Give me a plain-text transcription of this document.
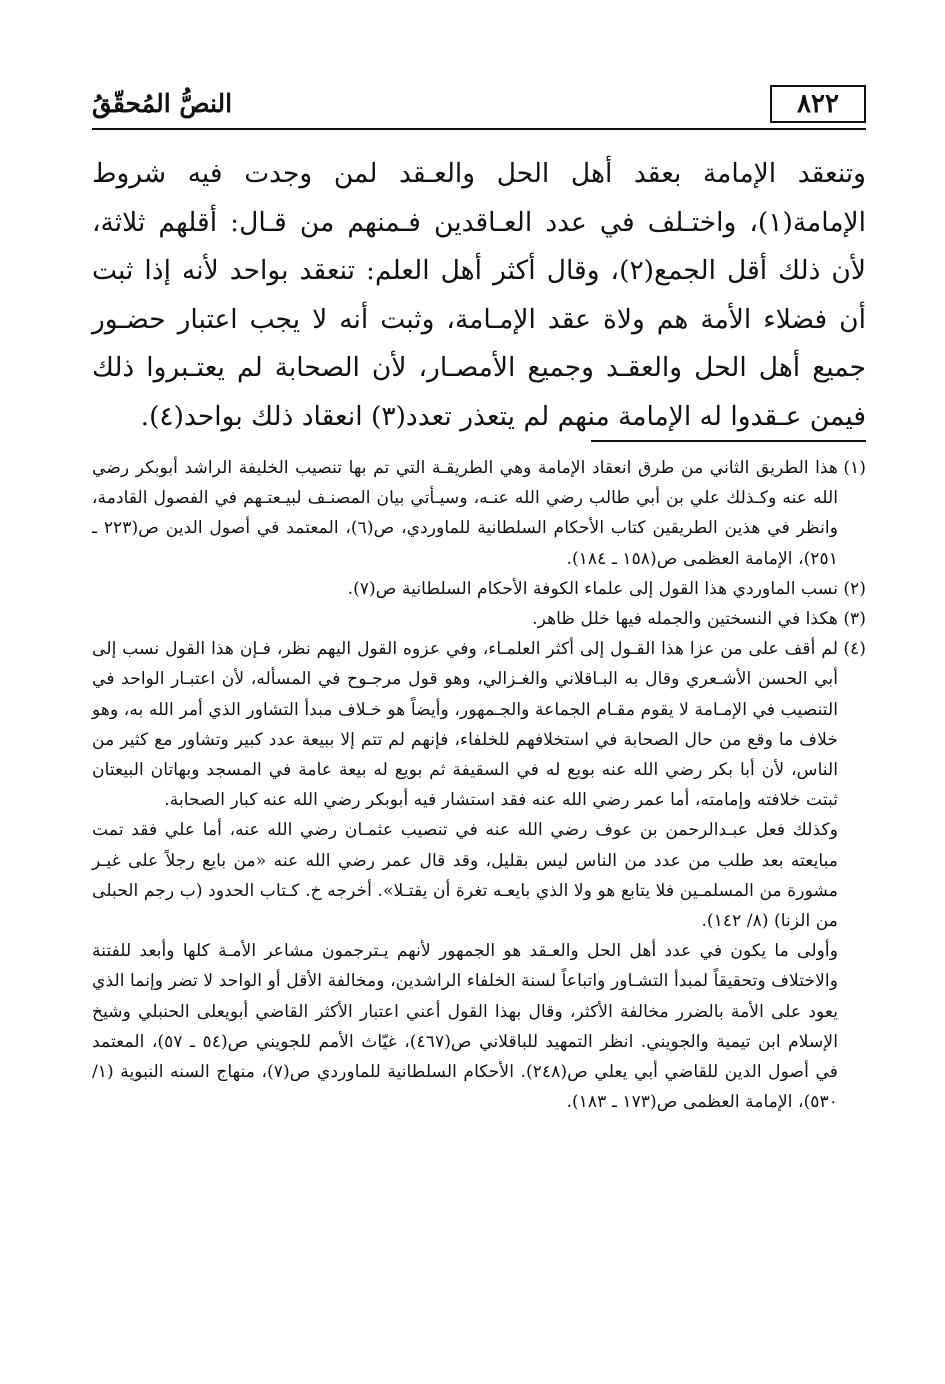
٨٢٢
النصُّ المُحقّقُ

وتنعقد الإمامة بعقد أهل الحل والعـقد لمن وجدت فيه شروط الإمامة(١)، واختـلف في عدد العـاقدين فـمنهم من قـال: أقلهم ثلاثة، لأن ذلك أقل الجمع(٢)، وقال أكثر أهل العلم: تنعقد بواحد لأنه إذا ثبت أن فضلاء الأمة هم ولاة عقد الإمـامة، وثبت أنه لا يجب اعتبار حضـور جميع أهل الحل والعقـد وجميع الأمصـار، لأن الصحابة لم يعتـبروا ذلك فيمن عـقدوا له الإمامة منهم لم يتعذر تعدد(٣) انعقاد ذلك بواحد(٤).

(١)

هذا الطريق الثاني من طرق انعقاد الإمامة وهي الطريقـة التي تم بها تنصيب الخليفة الراشد أبوبكر رضي الله عنه وكـذلك علي بن أبي طالب رضي الله عنـه، وسيـأتي بيان المصنـف لبيـعتـهم في الفصول القادمة، وانظر في هذين الطريقين كتاب الأحكام السلطانية للماوردي، ص(٦)، المعتمد في أصول الدين ص(٢٢٣ ـ ٢٥١)، الإمامة العظمى ص(١٥٨ ـ ١٨٤).

(٢)

نسب الماوردي هذا القول إلى علماء الكوفة الأحكام السلطانية ص(٧).

(٣)

هكذا في النسختين والجمله فيها خلل ظاهر.

(٤)

لم أقف على من عزا هذا القـول إلى أكثر العلمـاء، وفي عزوه القول اليهم نظر، فـإن هذا القول نسب إلى أبي الحسن الأشـعري وقال به البـاقلاني والغـزالي، وهو قول مرجـوح في المسأله، لأن اعتبـار الواحد في التنصيب في الإمـامة لا يقوم مقـام الجماعة والجـمهور، وأيضاً هو خـلاف مبدأ التشاور الذي أمر الله به، وهو خلاف ما وقع من حال الصحابة في استخلافهم للخلفاء، فإنهم لم تتم إلا ببيعة عدد كبير وتشاور مع كثير من الناس، لأن أبا بكر رضي الله عنه بويع له في السقيفة ثم بويع له بيعة عامة في المسجد وبهاتان البيعتان ثبتت خلافته وإمامته، أما عمر رضي الله عنه فقد استشار فيه أبوبكر رضي الله عنه كبار الصحابة.

وكذلك فعل عبـدالرحمن بن عوف رضي الله عنه في تنصيب عثمـان رضي الله عنه، أما علي فقد تمت مبايعته بعد طلب من عدد من الناس ليس بقليل، وقد قال عمر رضي الله عنه «من بايع رجلاً على غيـر مشورة من المسلمـين فلا يتابع هو ولا الذي بايعـه تغرة أن يقتـلا». أخرجه خ. كـتاب الحدود (ب رجم الحبلى من الزنا) (٨/ ١٤٢).

وأولى ما يكون في عدد أهل الحل والعـقد هو الجمهور لأنهم يـترجمون مشاعر الأمـة كلها وأبعد للفتنة والاختلاف وتحقيقاً لمبدأ التشـاور واتباعاً لسنة الخلفاء الراشدين، ومخالفة الأقل أو الواحد لا تضر وإنما الذي يعود على الأمة بالضرر مخالفة الأكثر، وقال بهذا القول أعني اعتبار الأكثر القاضي أبويعلى الحنبلي وشيخ الإسلام ابن تيمية والجويني. انظر التمهيد للباقلاني ص(٤٦٧)، غيّاث الأمم للجويني ص(٥٤ ـ ٥٧)، المعتمد في أصول الدين للقاضي أبي يعلي ص(٢٤٨). الأحكام السلطانية للماوردي ص(٧)، منهاج السنه النبوية (١/ ٥٣٠)، الإمامة العظمى ص(١٧٣ ـ ١٨٣).
